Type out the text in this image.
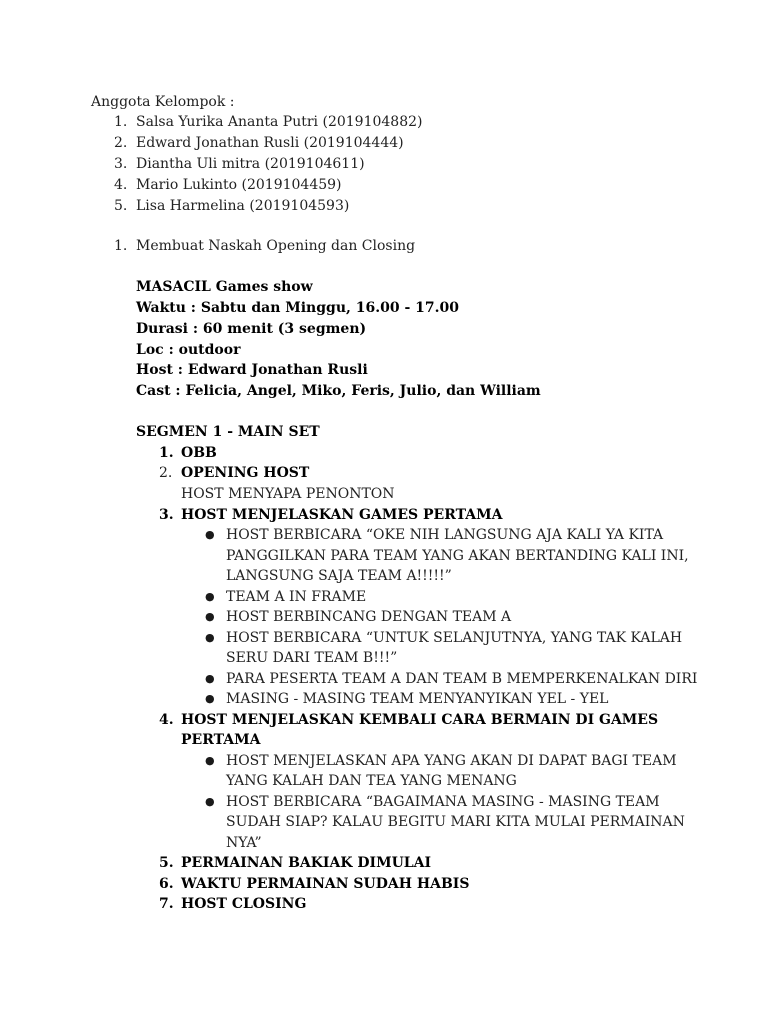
Anggota Kelompok :
1. Salsa Yurika Ananta Putri (2019104882)
2. Edward Jonathan Rusli (2019104444)
3. Diantha Uli mitra (2019104611)
4. Mario Lukinto (2019104459)
5. Lisa Harmelina (2019104593)
1. Membuat Naskah Opening dan Closing
MASACIL Games show
Waktu : Sabtu dan Minggu, 16.00 - 17.00
Durasi : 60 menit (3 segmen)
Loc : outdoor
Host : Edward Jonathan Rusli
Cast : Felicia, Angel, Miko, Feris, Julio, dan William
SEGMEN 1 - MAIN SET
1. OBB
2. OPENING HOST
HOST MENYAPA PENONTON
3. HOST MENJELASKAN GAMES PERTAMA
● HOST BERBICARA “OKE NIH LANGSUNG AJA KALI YA KITA
PANGGILKAN PARA TEAM YANG AKAN BERTANDING KALI INI,
LANGSUNG SAJA TEAM A!!!!!”
● TEAM A IN FRAME
● HOST BERBINCANG DENGAN TEAM A
● HOST BERBICARA “UNTUK SELANJUTNYA, YANG TAK KALAH
SERU DARI TEAM B!!!”
● PARA PESERTA TEAM A DAN TEAM B MEMPERKENALKAN DIRI
● MASING - MASING TEAM MENYANYIKAN YEL - YEL
4. HOST MENJELASKAN KEMBALI CARA BERMAIN DI GAMES
PERTAMA
● HOST MENJELASKAN APA YANG AKAN DI DAPAT BAGI TEAM
YANG KALAH DAN TEA YANG MENANG
● HOST BERBICARA “BAGAIMANA MASING - MASING TEAM
SUDAH SIAP? KALAU BEGITU MARI KITA MULAI PERMAINAN
NYA”
5. PERMAINAN BAKIAK DIMULAI
6. WAKTU PERMAINAN SUDAH HABIS
7. HOST CLOSING
